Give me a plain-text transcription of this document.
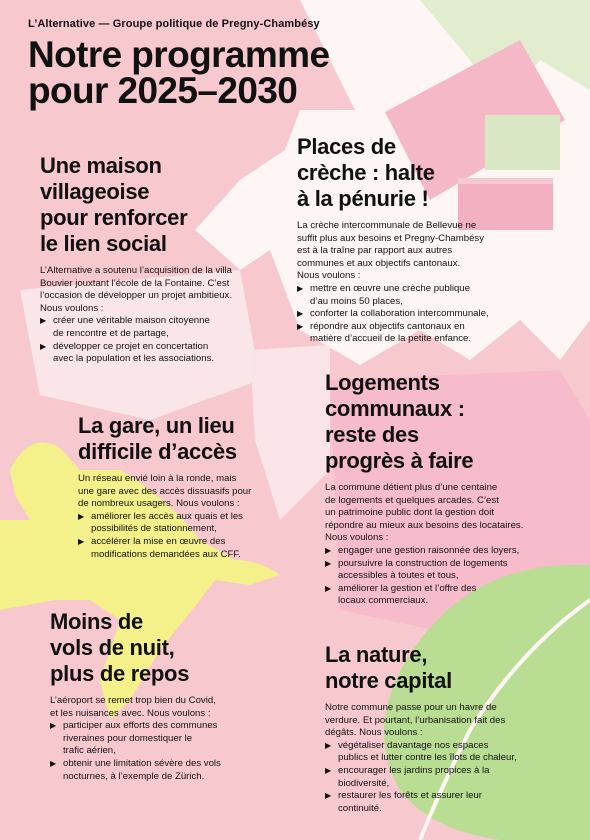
L’Alternative — Groupe politique de Pregny-Chambésy
Notre programme
pour 2025–2030
Une maison
villageoise
pour renforcer
le lien social

L’Alternative a soutenu l’acquisition de la villa
Bouvier jouxtant l’école de la Fontaine. C’est
l’occasion de développer un projet ambitieux.
Nous voulons :

▶ créer une véritable maison citoyenne
de rencontre et de partage,
▶ développer ce projet en concertation
avec la population et les associations.
Places de
crèche : halte
à la pénurie !

La crèche intercommunale de Bellevue ne
suffit plus aux besoins et Pregny-Chambésy
est à la traîne par rapport aux autres
communes et aux objectifs cantonaux.
Nous voulons :

▶ mettre en œuvre une crèche publique
d’au moins 50 places,
▶ conforter la collaboration intercommunale,
▶ répondre aux objectifs cantonaux en
matière d’accueil de la petite enfance.
La gare, un lieu
difficile d’accès

Un réseau envié loin à la ronde, mais
une gare avec des accès dissuasifs pour
de nombreux usagers. Nous voulons :

▶ améliorer les accès aux quais et les
possibilités de stationnement,
▶ accélérer la mise en œuvre des
modifications demandées aux CFF.
Logements
communaux :
reste des
progrès à faire

La commune détient plus d’une centaine
de logements et quelques arcades. C’est
un patrimoine public dont la gestion doit
répondre au mieux aux besoins des locataires.
Nous voulons :

▶ engager une gestion raisonnée des loyers,
▶ poursuivre la construction de logements
accessibles à toutes et tous,
▶ améliorer la gestion et l’offre des
locaux commerciaux.
Moins de
vols de nuit,
plus de repos

L’aéroport se remet trop bien du Covid,
et les nuisances avec. Nous voulons :

▶ participer aux efforts des communes
riveraines pour domestiquer le
trafic aérien,
▶ obtenir une limitation sévère des vols
nocturnes, à l’exemple de Zürich.
La nature,
notre capital

Notre commune passe pour un havre de
verdure. Et pourtant, l’urbanisation fait des
dégâts. Nous voulons :

▶ végétaliser davantage nos espaces
publics et lutter contre les îlots de chaleur,
▶ encourager les jardins propices à la
biodiversité,
▶ restaurer les forêts et assurer leur
continuité.
